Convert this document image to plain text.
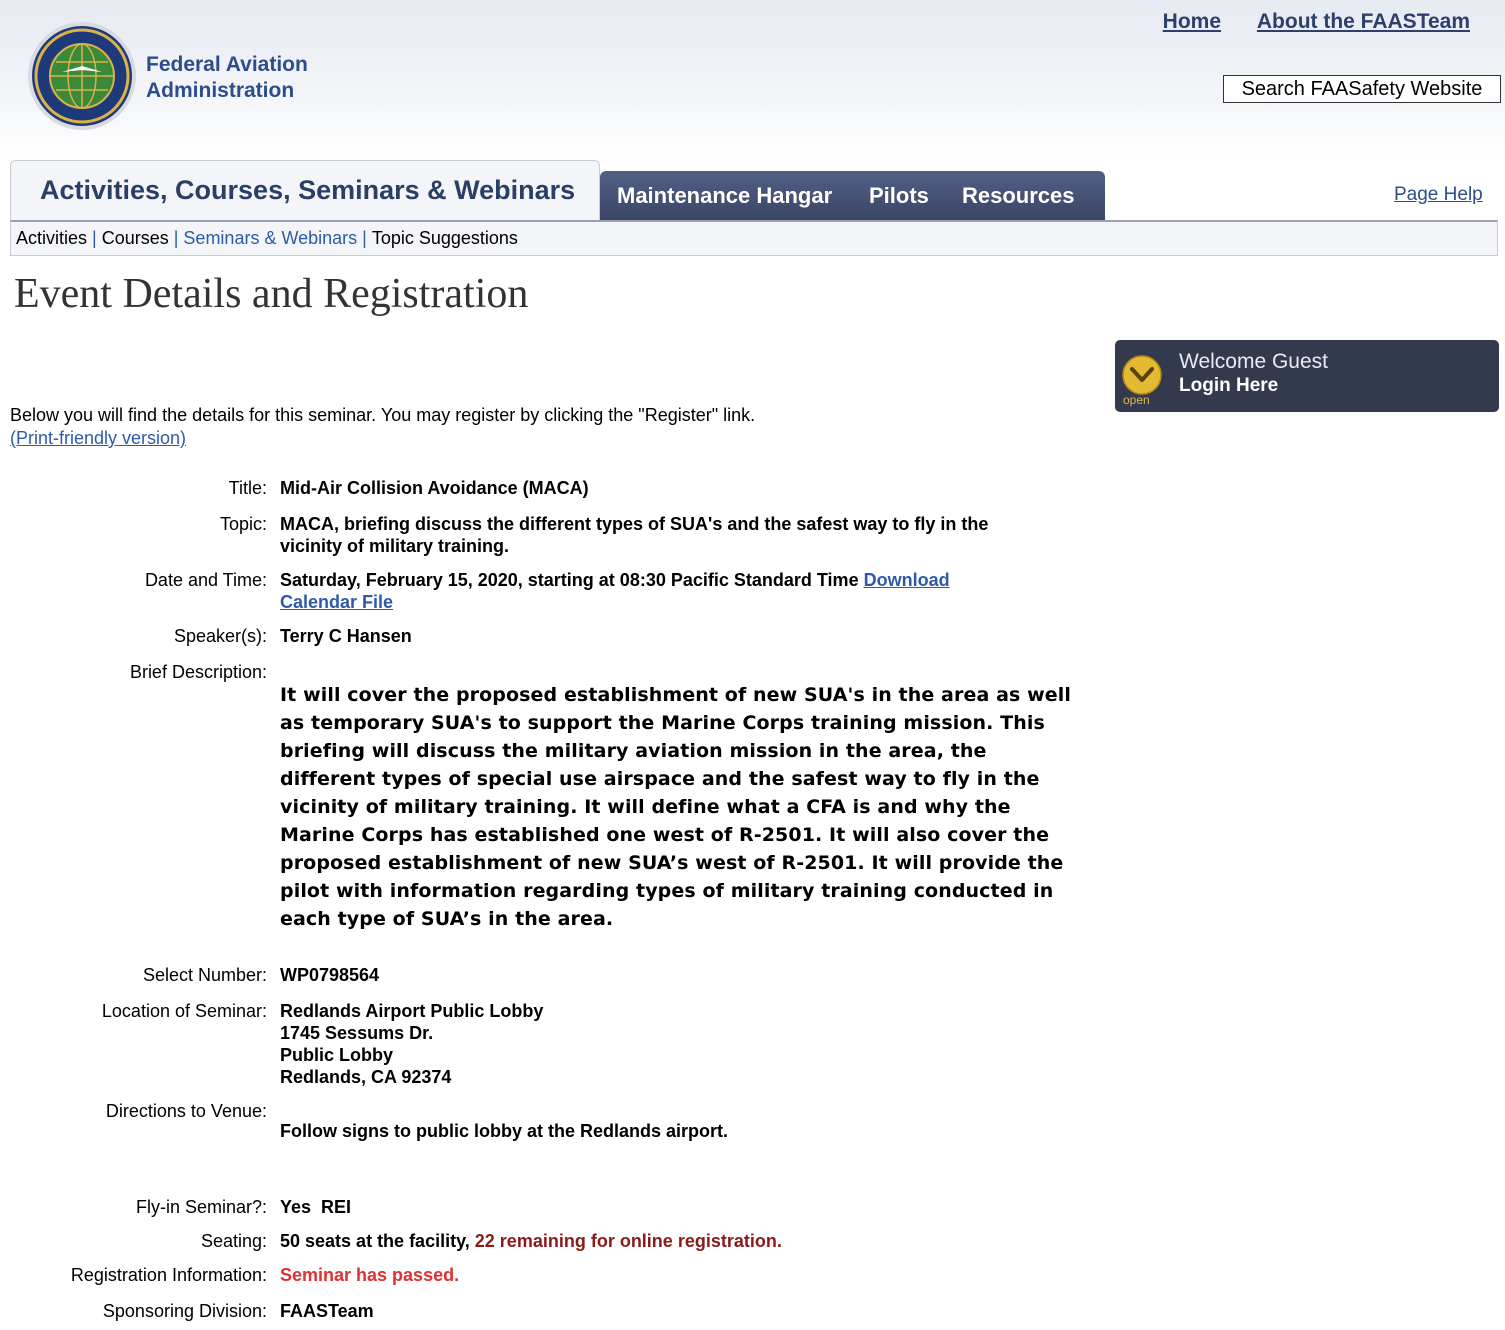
Federal Aviation
Administration
Home About the FAASTeam
Search FAASafety Website
Activities, Courses, Seminars & Webinars Maintenance Hangar Pilots Resources	Page Help
Activities | Courses | Seminars & Webinars | Topic Suggestions
Event Details and Registration
open
Welcome Guest
Login Here
Below you will find the details for this seminar. You may register by clicking the "Register" link.
(Print-friendly version)
Title: Mid-Air Collision Avoidance (MACA)
Topic: MACA, briefing discuss the different types of SUA's and the safest way to fly in the vicinity of military training.
Date and Time: Saturday, February 15, 2020, starting at 08:30 Pacific Standard Time Download Calendar File
Speaker(s): Terry C Hansen
Brief Description:
It will cover the proposed establishment of new SUA's in the area as well as temporary SUA's to support the Marine Corps training mission. This briefing will discuss the military aviation mission in the area, the different types of special use airspace and the safest way to fly in the vicinity of military training. It will define what a CFA is and why the Marine Corps has established one west of R-2501. It will also cover the proposed establishment of new SUA’s west of R-2501. It will provide the pilot with information regarding types of military training conducted in each type of SUA’s in the area.
Select Number: WP0798564
Location of Seminar: Redlands Airport Public Lobby
1745 Sessums Dr.
Public Lobby
Redlands, CA 92374
Directions to Venue:
Follow signs to public lobby at the Redlands airport.
Fly-in Seminar?: Yes  REI
Seating: 50 seats at the facility, 22 remaining for online registration.
Registration Information: Seminar has passed.
Sponsoring Division: FAASTeam
